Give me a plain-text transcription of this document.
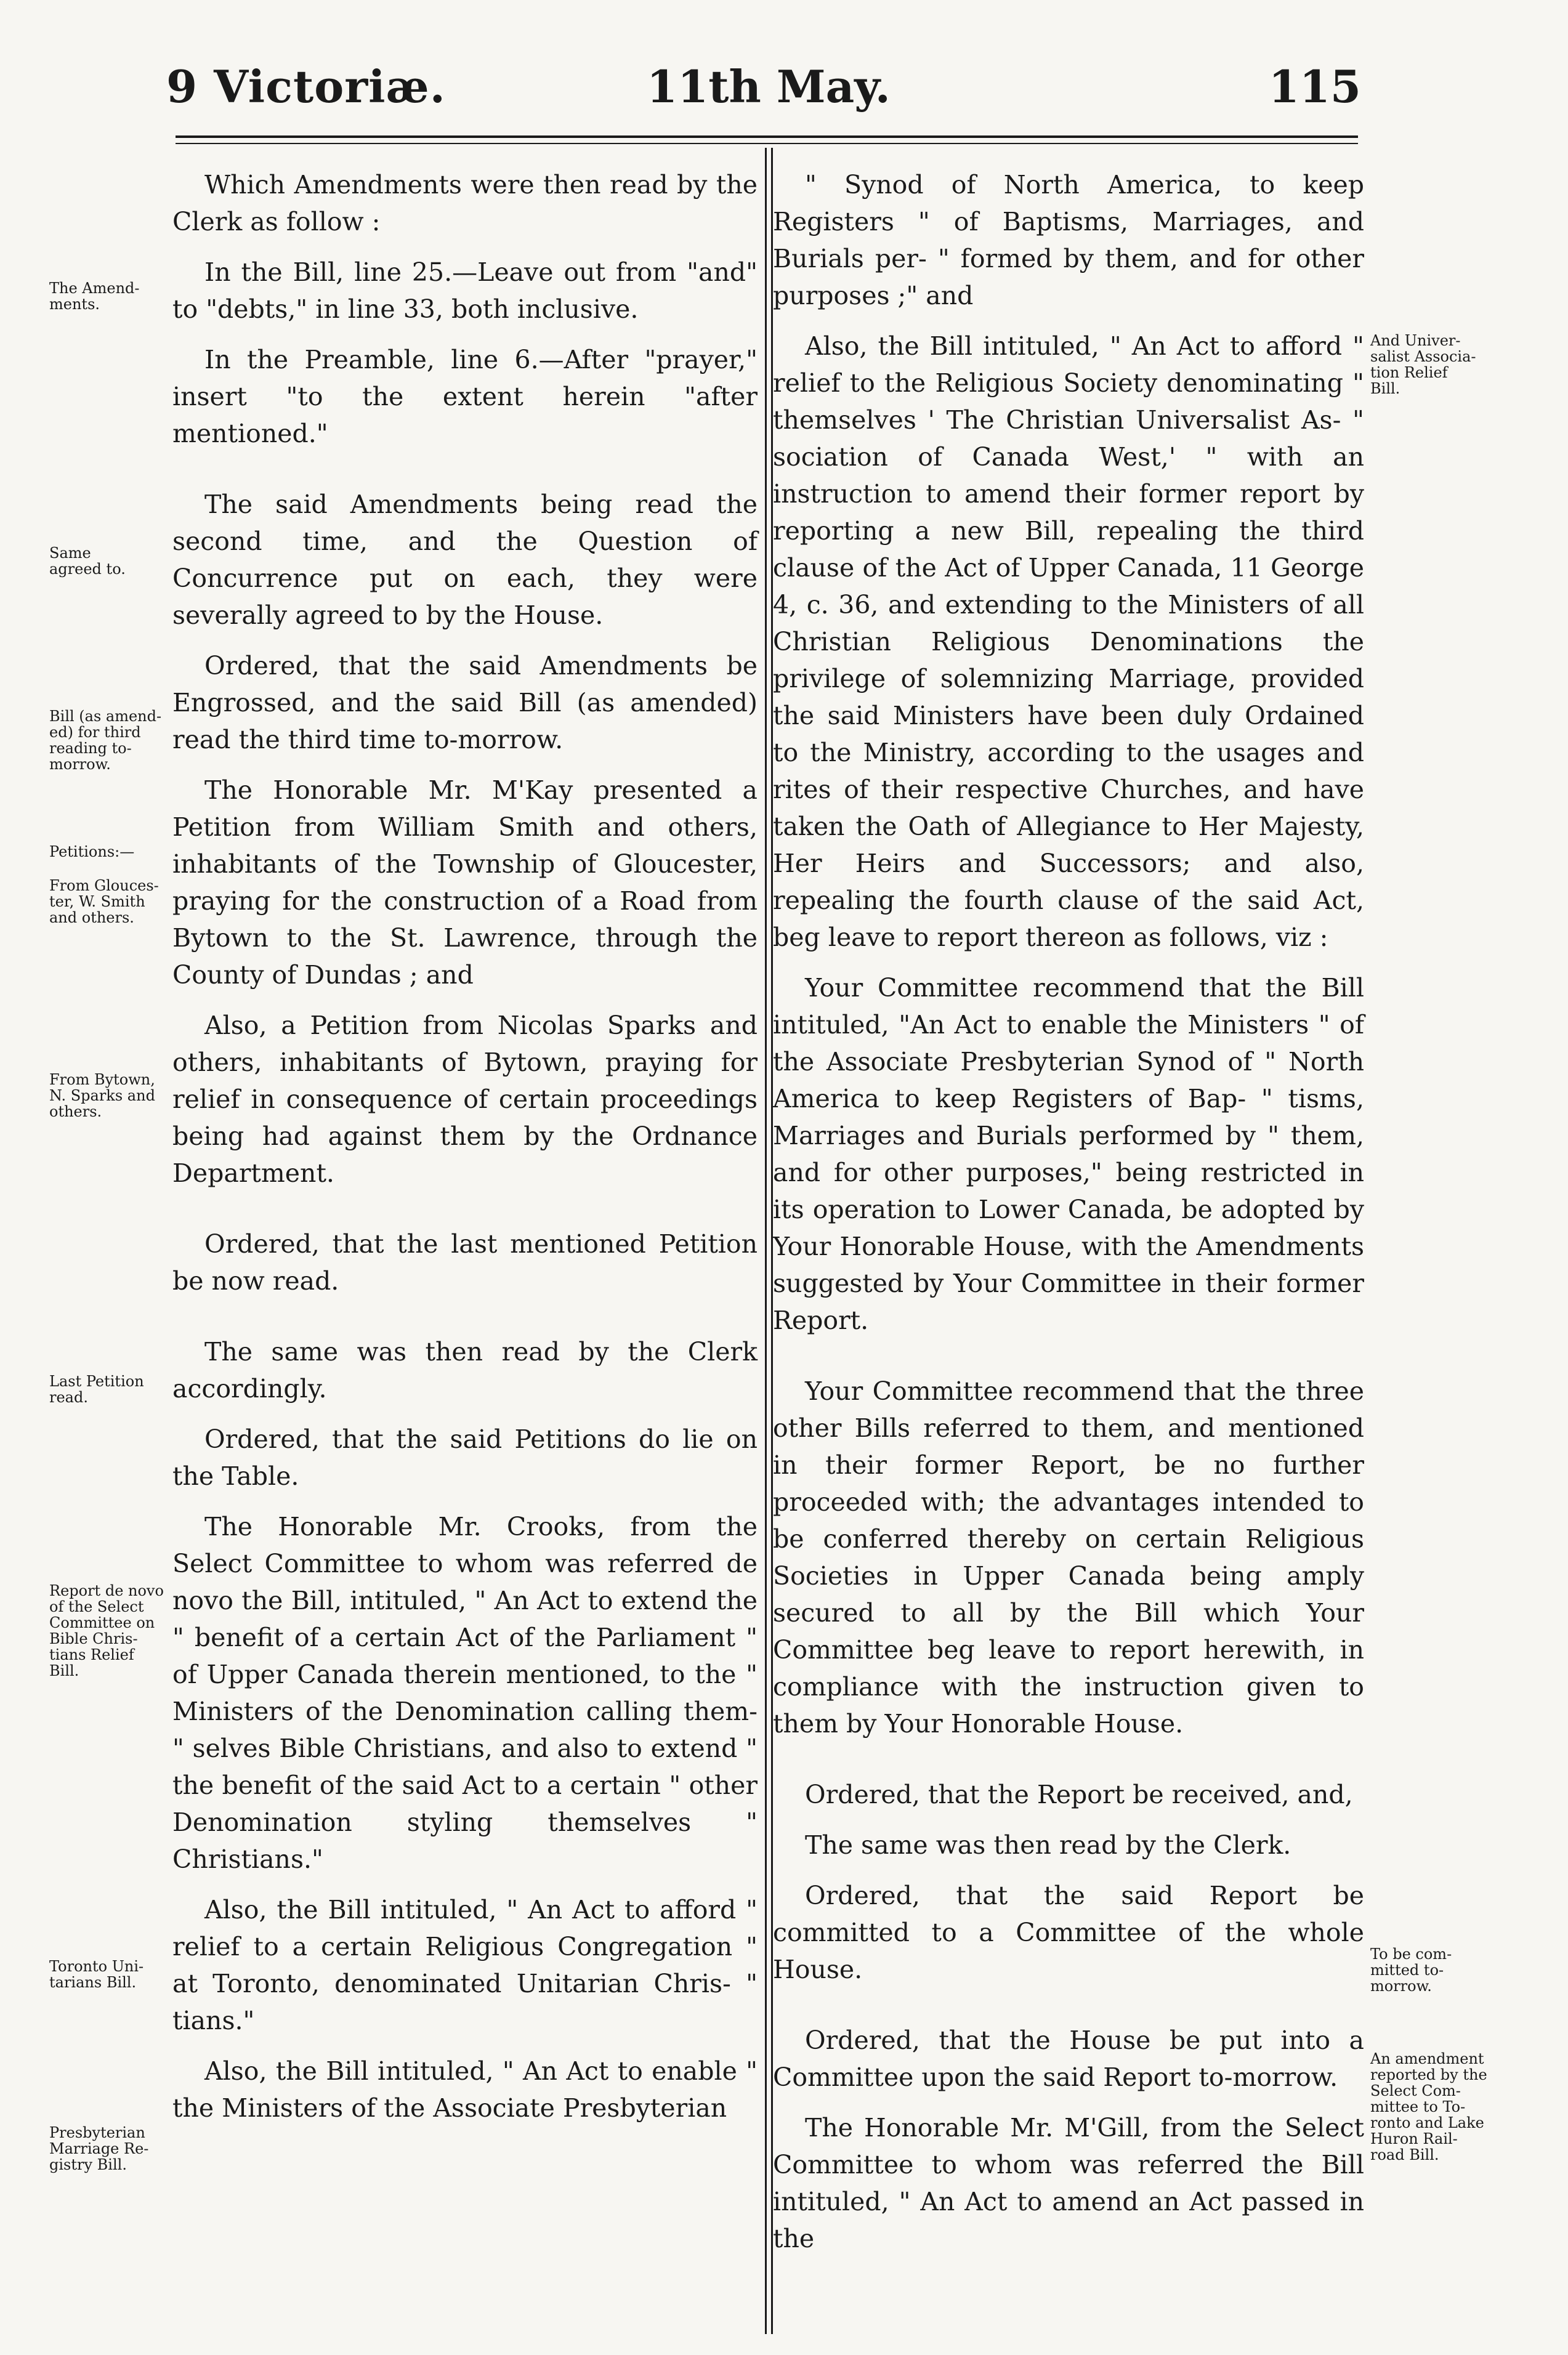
9 Victoriæ.	11th May.	115

Which Amendments were then read by the Clerk as follow :

In the Bill, line 25.—Leave out from "and" to "debts," in line 33, both inclusive.

In the Preamble, line 6.—After "prayer," insert "to the extent herein "after mentioned."

The said Amendments being read the second time, and the Question of Concurrence put on each, they were severally agreed to by the House.

Ordered, that the said Amendments be Engrossed, and the said Bill (as amended) read the third time to-morrow.

The Honorable Mr. M'Kay presented a Petition from William Smith and others, inhabitants of the Township of Gloucester, praying for the construction of a Road from Bytown to the St. Lawrence, through the County of Dundas ; and

Also, a Petition from Nicolas Sparks and others, inhabitants of Bytown, praying for relief in consequence of certain proceedings being had against them by the Ordnance Department.

Ordered, that the last mentioned Petition be now read.

The same was then read by the Clerk accordingly.

Ordered, that the said Petitions do lie on the Table.

The Honorable Mr. Crooks, from the Select Committee to whom was referred de novo the Bill, intituled, " An Act to extend the " benefit of a certain Act of the Parliament " of Upper Canada therein mentioned, to the " Ministers of the Denomination calling them- " selves Bible Christians, and also to extend " the benefit of the said Act to a certain " other Denomination styling themselves " Christians."

Also, the Bill intituled, " An Act to afford " relief to a certain Religious Congregation " at Toronto, denominated Unitarian Chris- " tians."

Also, the Bill intituled, " An Act to enable " the Ministers of the Associate Presbyterian

" Synod of North America, to keep Registers " of Baptisms, Marriages, and Burials per- " formed by them, and for other purposes ;" and

Also, the Bill intituled, " An Act to afford " relief to the Religious Society denominating " themselves ' The Christian Universalist As- " sociation of Canada West,' " with an instruction to amend their former report by reporting a new Bill, repealing the third clause of the Act of Upper Canada, 11 George 4, c. 36, and extending to the Ministers of all Christian Religious Denominations the privilege of solemnizing Marriage, provided the said Ministers have been duly Ordained to the Ministry, according to the usages and rites of their respective Churches, and have taken the Oath of Allegiance to Her Majesty, Her Heirs and Successors; and also, repealing the fourth clause of the said Act, beg leave to report thereon as follows, viz :

Your Committee recommend that the Bill intituled, "An Act to enable the Ministers " of the Associate Presbyterian Synod of " North America to keep Registers of Bap- " tisms, Marriages and Burials performed by " them, and for other purposes," being restricted in its operation to Lower Canada, be adopted by Your Honorable House, with the Amendments suggested by Your Committee in their former Report.

Your Committee recommend that the three other Bills referred to them, and mentioned in their former Report, be no further proceeded with; the advantages intended to be conferred thereby on certain Religious Societies in Upper Canada being amply secured to all by the Bill which Your Committee beg leave to report herewith, in compliance with the instruction given to them by Your Honorable House.

Ordered, that the Report be received, and,

The same was then read by the Clerk.

Ordered, that the said Report be committed to a Committee of the whole House.

Ordered, that the House be put into a Committee upon the said Report to-morrow.

The Honorable Mr. M'Gill, from the Select Committee to whom was referred the Bill intituled, " An Act to amend an Act passed in the

The Amend-
ments.
Same
agreed to.
Bill (as amend-
ed) for third
reading to-
morrow.
Petitions:—
From Glouces-
ter, W. Smith
and others.
From Bytown,
N. Sparks and
others.
Last Petition
read.
Report de novo
of the Select
Committee on
Bible Chris-
tians Relief
Bill.
Toronto Uni-
tarians Bill.
Presbyterian
Marriage Re-
gistry Bill.
And Univer-
salist Associa-
tion Relief
Bill.
To be com-
mitted to-
morrow.
An amendment
reported by the
Select Com-
mittee to To-
ronto and Lake
Huron Rail-
road Bill.
